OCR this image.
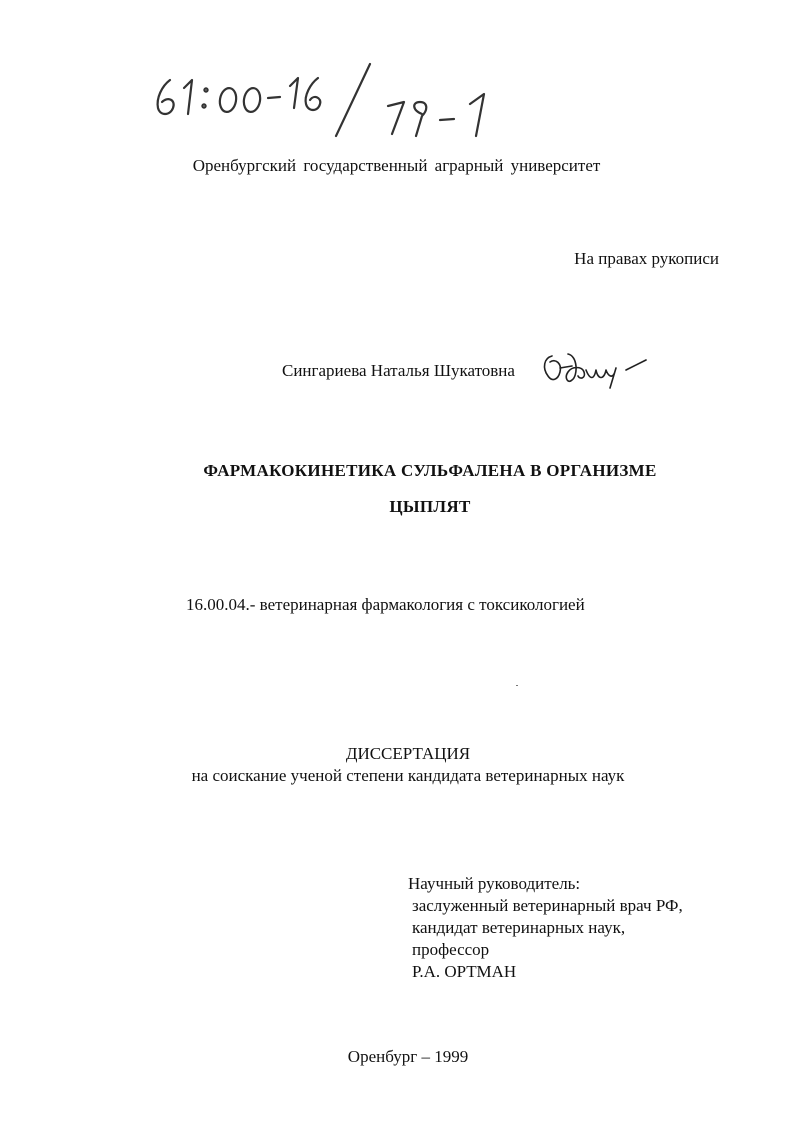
Оренбургский государственный аграрный университет
На правах рукописи
Сингариева Наталья Шукатовна
ФАРМАКОКИНЕТИКА СУЛЬФАЛЕНА В ОРГАНИЗМЕ
ЦЫПЛЯТ
16.00.04.- ветеринарная фармакология с токсикологией
ДИССЕРТАЦИЯ
на соискание ученой степени кандидата ветеринарных наук
Научный руководитель:
заслуженный ветеринарный врач РФ,
кандидат ветеринарных наук,
профессор
Р.А. ОРТМАН
Оренбург – 1999
